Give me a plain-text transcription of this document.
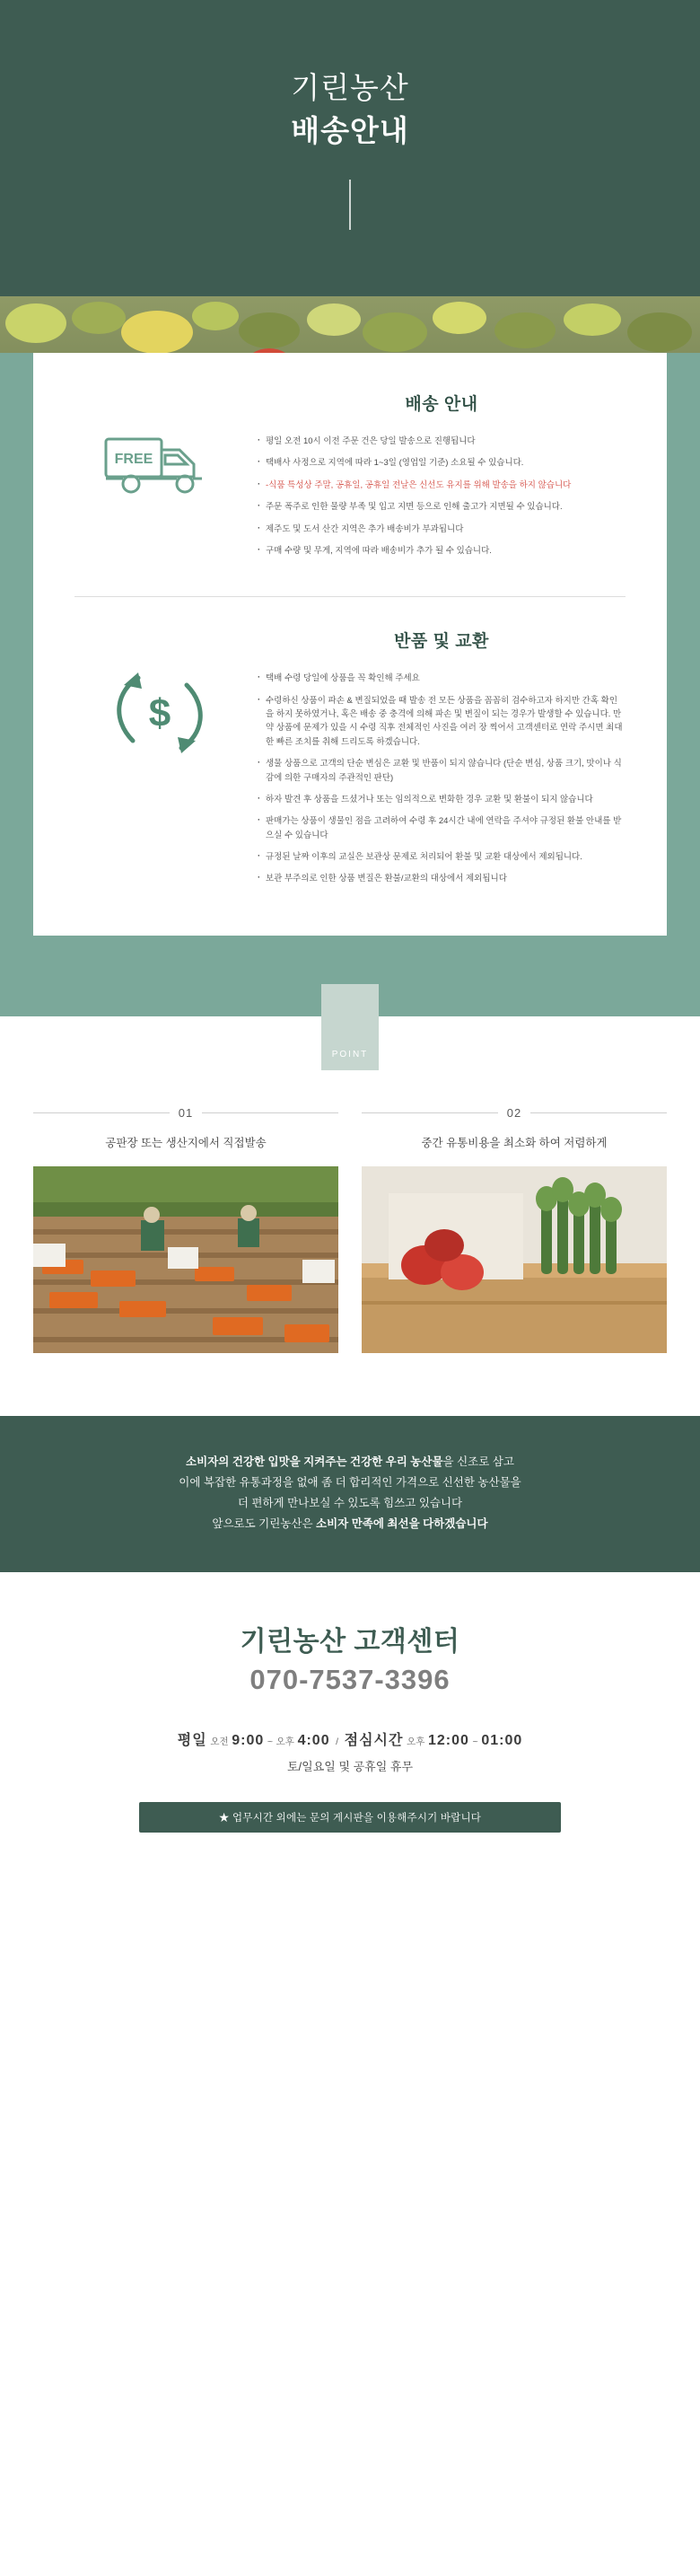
기린농산
배송안내
FREE
배송 안내
· 평일 오전 10시 이전 주문 건은 당일 발송으로 진행됩니다
· 택배사 사정으로 지역에 따라 1~3일 (영업일 기준) 소요될 수 있습니다.
· -식품 특성상 주말, 공휴일, 공휴일 전날은 신선도 유지를 위해 발송을 하지 않습니다
· 주문 폭주로 인한 물량 부족 및 입고 지면 등으로 인해 출고가 지면될 수 있습니다.
· 제주도 및 도서 산간 지역은 추가 배송비가 부과됩니다
· 구매 수량 및 무게, 지역에 따라 배송비가 추가 될 수 있습니다.
$
반품 및 교환
· 택배 수령 당일에 상품을 꼭 확인해 주세요
· 수령하신 상품이 파손 & 변질되었을 때 발송 전 모든 상품을 꼼꼼히 검수하고자 하지만 간혹 확인을 하지 못하였거나, 혹은 배송 중 충격에 의해 파손 및 변질이 되는 경우가 발생할 수 있습니다. 만약 상품에 문제가 있을 시 수령 직후 전체적인 사진을 여러 장 찍어서 고객센터로 연락 주시면 최대한 빠른 조치를 취해 드리도록 하겠습니다.
· 생물 상품으로 고객의 단순 변심은 교환 및 반품이 되지 않습니다 (단순 변심, 상품 크기, 맛이나 식감에 의한 구매자의 주관적인 판단)
· 하자 발견 후 상품을 드셨거나 또는 임의적으로 변화한 경우 교환 및 환불이 되지 않습니다
· 판매가는 상품이 생물인 점을 고려하여 수령 후 24시간 내에 연락을 주셔야 규정된 환불 안내를 받으실 수 있습니다
· 규정된 날짜 이후의 교실은 보관상 문제로 처리되어 환불 및 교환 대상에서 제외됩니다.
· 보관 부주의로 인한 상품 변질은 환불/교환의 대상에서 제외됩니다
POINT
01
공판장 또는 생산지에서 직접발송
02
중간 유통비용을 최소화 하여 저렴하게
소비자의 건강한 입맛을 지켜주는 건강한 우리 농산물을 신조로 삼고
이에 복잡한 유통과정을 없애 좀 더 합리적인 가격으로 신선한 농산물을
더 편하게 만나보실 수 있도록 힘쓰고 있습니다
앞으로도 기린농산은 소비자 만족에 최선을 다하겠습니다
기린농산 고객센터
070-7537-3396
평일 오전 9:00 ~ 오후 4:00  /  점심시간 오후 12:00 ~ 01:00
토/일요일 및 공휴일 휴무
★ 업무시간 외에는 문의 게시판을 이용해주시기 바랍니다
